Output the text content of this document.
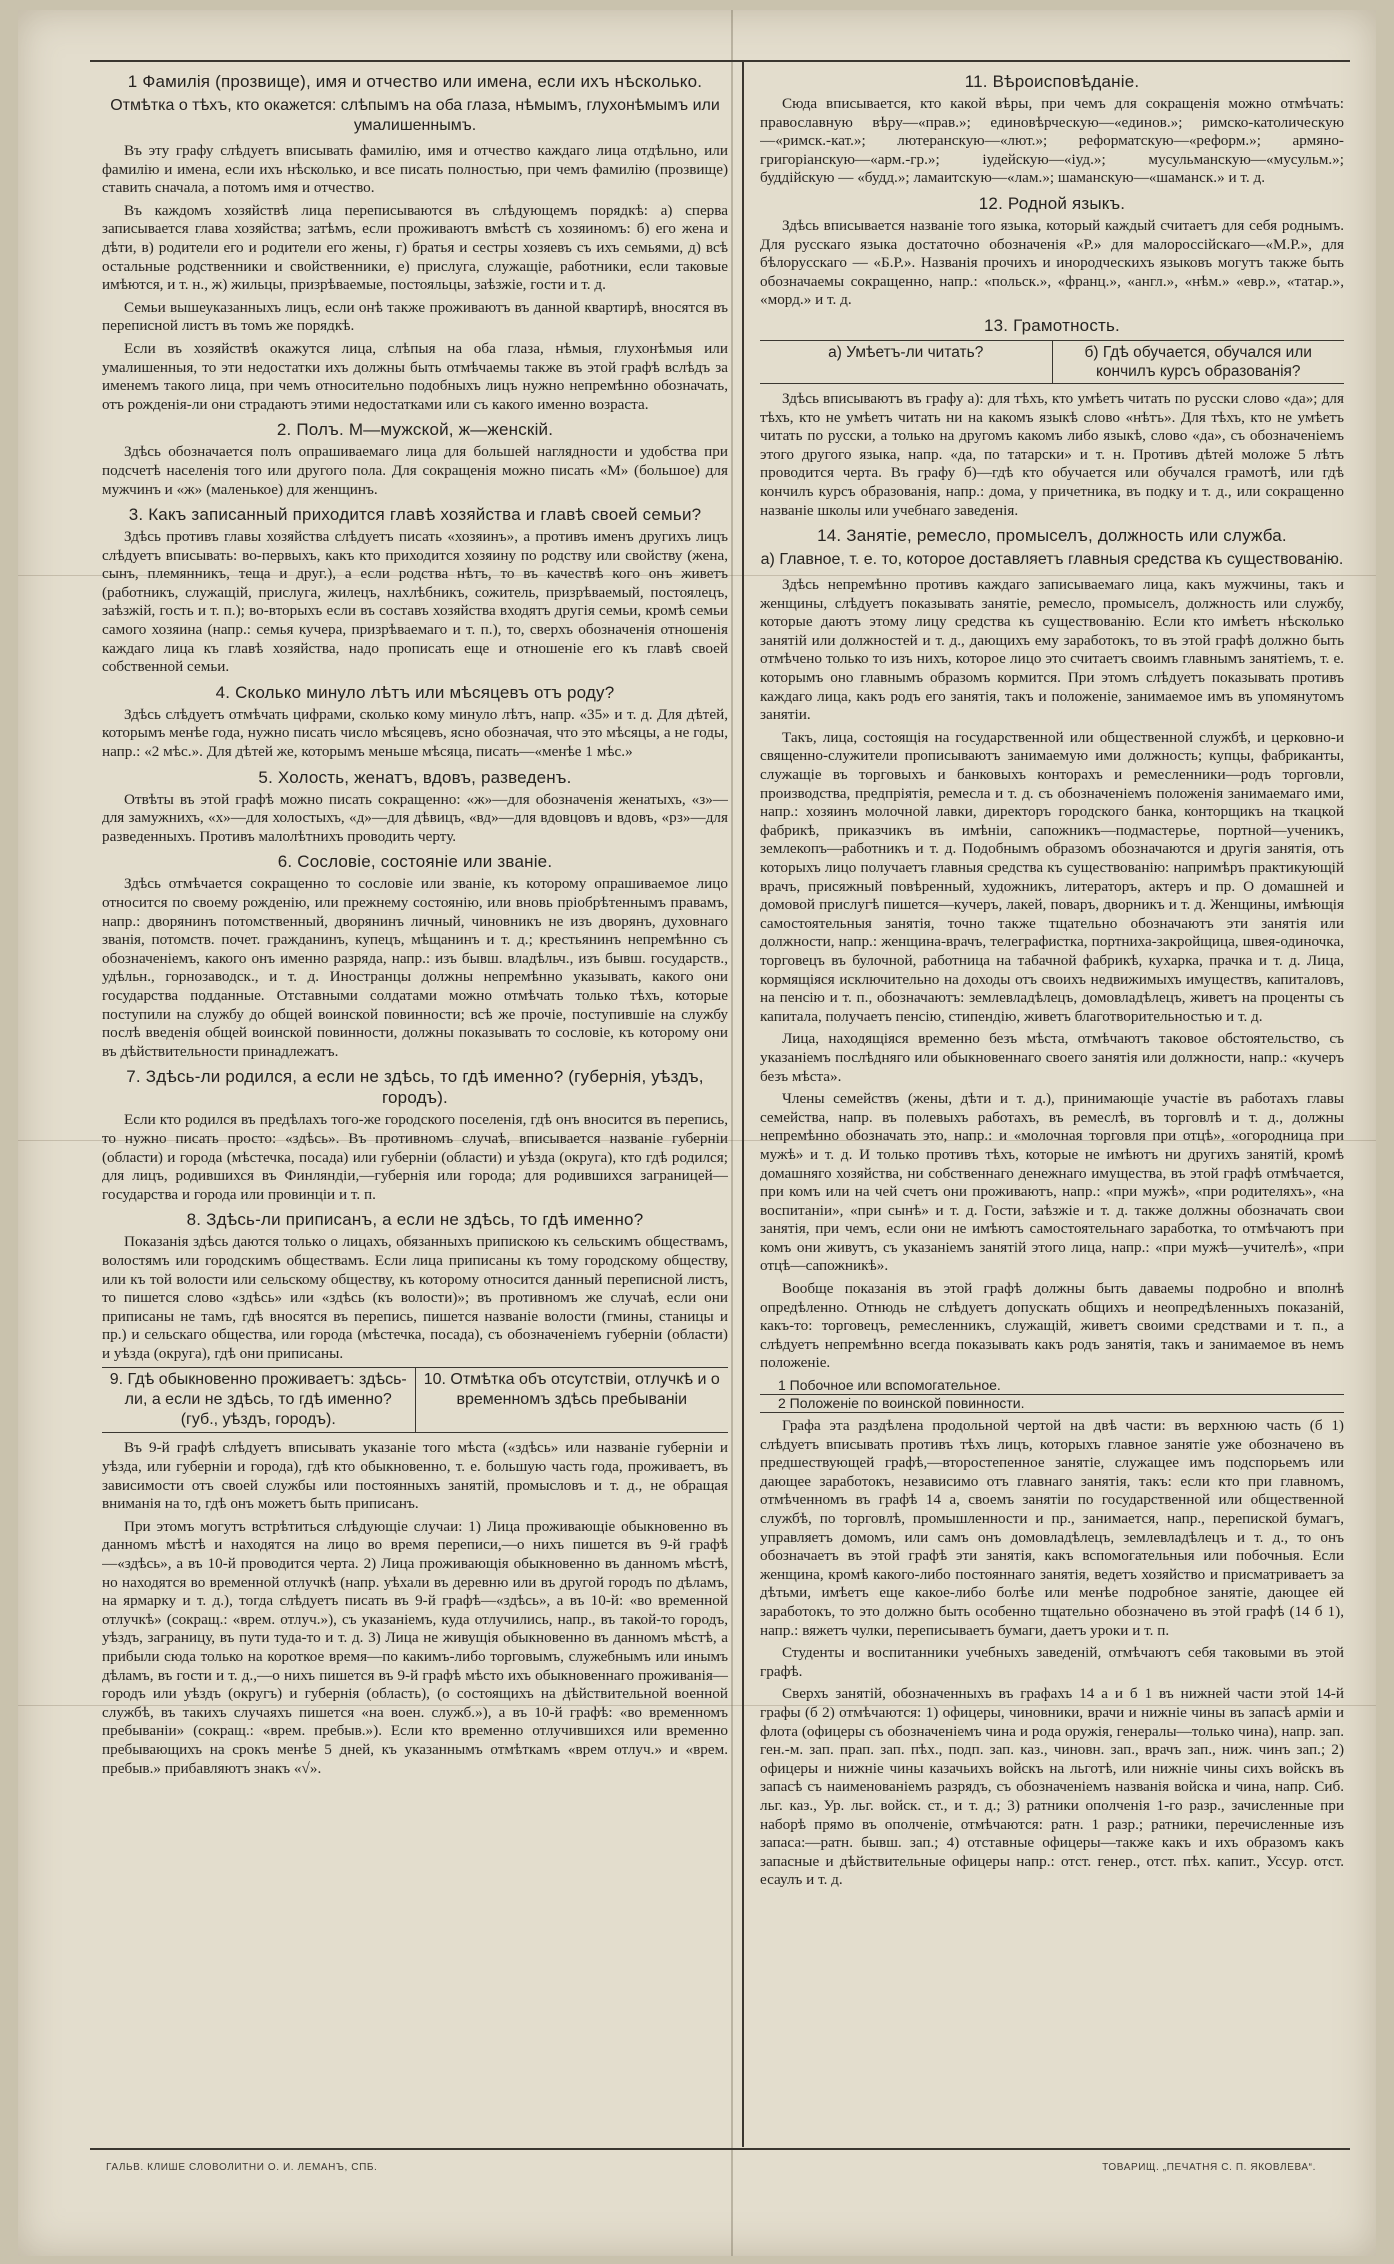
1 Фамилія (прозвище), имя и отчество или имена, если ихъ нѣсколько.
Отмѣтка о тѣхъ, кто окажется: слѣпымъ на оба глаза, нѣмымъ, глухонѣмымъ или умалишеннымъ.

Въ эту графу слѣдуетъ вписывать фамилію, имя и отчество каждаго лица отдѣльно, или фамилію и имена, если ихъ нѣсколько, и все писать полностью, при чемъ фамилію (прозвище) ставить сначала, а потомъ имя и отчество.

Въ каждомъ хозяйствѣ лица переписываются въ слѣдующемъ порядкѣ: а) сперва записывается глава хозяйства; затѣмъ, если проживаютъ вмѣстѣ съ хозяиномъ: б) его жена и дѣти, в) родители его и родители его жены, г) братья и сестры хозяевъ съ ихъ семьями, д) всѣ остальные родственники и свойственники, е) прислуга, служащіе, работники, если таковые имѣются, и т. н., ж) жильцы, призрѣваемые, постояльцы, заѣзжіе, гости и т. д.

Семьи вышеуказанныхъ лицъ, если онѣ также проживаютъ въ данной квартирѣ, вносятся въ переписной листъ въ томъ же порядкѣ.

Если въ хозяйствѣ окажутся лица, слѣпыя на оба глаза, нѣмыя, глухонѣмыя или умалишенныя, то эти недостатки ихъ должны быть отмѣчаемы также въ этой графѣ вслѣдъ за именемъ такого лица, при чемъ относительно подобныхъ лицъ нужно непремѣнно обозначать, отъ рожденія-ли они страдаютъ этими недостатками или съ какого именно возраста.

2. Полъ. М—мужской, ж—женскій.

Здѣсь обозначается полъ опрашиваемаго лица для большей наглядности и удобства при подсчетѣ населенія того или другого пола. Для сокращенія можно писать «М» (большое) для мужчинъ и «ж» (маленькое) для женщинъ.

3. Какъ записанный приходится главѣ хозяйства и главѣ своей семьи?

Здѣсь противъ главы хозяйства слѣдуетъ писать «хозяинъ», а противъ именъ другихъ лицъ слѣдуетъ вписывать: во-первыхъ, какъ кто приходится хозяину по родству или свойству (жена, сынъ, племянникъ, теща и друг.), а если родства нѣтъ, то въ качествѣ кого онъ живетъ (работникъ, служащій, прислуга, жилецъ, нахлѣбникъ, сожитель, призрѣваемый, постоялецъ, заѣзжій, гость и т. п.); во-вторыхъ если въ составъ хозяйства входятъ другія семьи, кромѣ семьи самого хозяина (напр.: семья кучера, призрѣваемаго и т. п.), то, сверхъ обозначенія отношенія каждаго лица къ главѣ хозяйства, надо прописать еще и отношеніе его къ главѣ своей собственной семьи.

4. Сколько минуло лѣтъ или мѣсяцевъ отъ роду?

Здѣсь слѣдуетъ отмѣчать цифрами, сколько кому минуло лѣтъ, напр. «35» и т. д. Для дѣтей, которымъ менѣе года, нужно писать число мѣсяцевъ, ясно обозначая, что это мѣсяцы, а не годы, напр.: «2 мѣс.». Для дѣтей же, которымъ меньше мѣсяца, писать—«менѣе 1 мѣс.»

5. Холость, женатъ, вдовъ, разведенъ.

Отвѣты въ этой графѣ можно писать сокращенно: «ж»—для обозначенія женатыхъ, «з»—для замужнихъ, «х»—для холостыхъ, «д»—для дѣвицъ, «вд»—для вдовцовъ и вдовъ, «рз»—для разведенныхъ. Противъ малолѣтнихъ проводить черту.

6. Сословіе, состояніе или званіе.

Здѣсь отмѣчается сокращенно то сословіе или званіе, къ которому опрашиваемое лицо относится по своему рожденію, или прежнему состоянію, или вновь пріобрѣтеннымъ правамъ, напр.: дворянинъ потомственный, дворянинъ личный, чиновникъ не изъ дворянъ, духовнаго званія, потомств. почет. гражданинъ, купецъ, мѣщанинъ и т. д.; крестьянинъ непремѣнно съ обозначеніемъ, какого онъ именно разряда, напр.: изъ бывш. владѣльч., изъ бывш. государств., удѣльн., горнозаводск., и т. д. Иностранцы должны непремѣнно указывать, какого они государства подданные. Отставными солдатами можно отмѣчать только тѣхъ, которые поступили на службу до общей воинской повинности; всѣ же прочіе, поступившіе на службу послѣ введенія общей воинской повинности, должны показывать то сословіе, къ которому они въ дѣйствительности принадлежатъ.

7. Здѣсь-ли родился, а если не здѣсь, то гдѣ именно? (губернія, уѣздъ, городъ).

Если кто родился въ предѣлахъ того-же городского поселенія, гдѣ онъ вносится въ перепись, то нужно писать просто: «здѣсь». Въ противномъ случаѣ, вписывается названіе губерніи (области) и города (мѣстечка, посада) или губерніи (области) и уѣзда (округа), кто гдѣ родился; для лицъ, родившихся въ Финляндіи,—губернія или города; для родившихся заграницей—государства и города или провинціи и т. п.

8. Здѣсь-ли приписанъ, а если не здѣсь, то гдѣ именно?

Показанія здѣсь даются только о лицахъ, обязанныхъ припискою къ сельскимъ обществамъ, волостямъ или городскимъ обществамъ. Если лица приписаны къ тому городскому обществу, или къ той волости или сельскому обществу, къ которому относится данный переписной листъ, то пишется слово «здѣсь» или «здѣсь (къ волости)»; въ противномъ же случаѣ, если они приписаны не тамъ, гдѣ вносятся въ перепись, пишется названіе волости (гмины, станицы и пр.) и сельскаго общества, или города (мѣстечка, посада), съ обозначеніемъ губерніи (области) и уѣзда (округа), гдѣ они приписаны.

9. Гдѣ обыкновенно проживаетъ: здѣсь-ли, а если не здѣсь, то гдѣ именно? (губ., уѣздъ, городъ).
10. Отмѣтка объ отсутствіи, отлучкѣ и о временномъ здѣсь пребываніи

Въ 9-й графѣ слѣдуетъ вписывать указаніе того мѣста («здѣсь» или названіе губерніи и уѣзда, или губерніи и города), гдѣ кто обыкновенно, т. е. большую часть года, проживаетъ, въ зависимости отъ своей службы или постоянныхъ занятій, промысловъ и т. д., не обращая вниманія на то, гдѣ онъ можетъ быть приписанъ.

При этомъ могутъ встрѣтиться слѣдующіе случаи: 1) Лица проживающіе обыкновенно въ данномъ мѣстѣ и находятся на лицо во время переписи,—о нихъ пишется въ 9-й графѣ—«здѣсь», а въ 10-й проводится черта. 2) Лица проживающія обыкновенно въ данномъ мѣстѣ, но находятся во временной отлучкѣ (напр. уѣхали въ деревню или въ другой городъ по дѣламъ, на ярмарку и т. д.), тогда слѣдуетъ писать въ 9-й графѣ—«здѣсь», а въ 10-й: «во временной отлучкѣ» (сокращ.: «врем. отлуч.»), съ указаніемъ, куда отлучились, напр., въ такой-то городъ, уѣздъ, заграницу, въ пути туда-то и т. д. 3) Лица не живущія обыкновенно въ данномъ мѣстѣ, а прибыли сюда только на короткое время—по какимъ-либо торговымъ, служебнымъ или инымъ дѣламъ, въ гости и т. д.,—о нихъ пишется въ 9-й графѣ мѣсто ихъ обыкновеннаго проживанія—городъ или уѣздъ (округъ) и губернія (область), (о состоящихъ на дѣйствительной военной службѣ, въ такихъ случаяхъ пишется «на воен. служб.»), а въ 10-й графѣ: «во временномъ пребываніи» (сокращ.: «врем. пребыв.»). Если кто временно отлучившихся или временно пребывающихъ на срокъ менѣе 5 дней, къ указаннымъ отмѣткамъ «врем отлуч.» и «врем. пребыв.» прибавляютъ знакъ «√».

11. Вѣроисповѣданіе.

Сюда вписывается, кто какой вѣры, при чемъ для сокращенія можно отмѣчать: православную вѣру—«прав.»; единовѣрческую—«единов.»; римско-католическую—«римск.-кат.»; лютеранскую—«лют.»; реформатскую—«реформ.»; армяно-григоріанскую—«арм.-гр.»; іудейскую—«іуд.»; мусульманскую—«мусульм.»; буддійскую — «будд.»; ламаитскую—«лам.»; шаманскую—«шаманск.» и т. д.

12. Родной языкъ.

Здѣсь вписывается названіе того языка, который каждый считаетъ для себя роднымъ. Для русскаго языка достаточно обозначенія «Р.» для малороссійскаго—«М.Р.», для бѣлорусскаго — «Б.Р.». Названія прочихъ и инородческихъ языковъ могутъ также быть обозначаемы сокращенно, напр.: «польск.», «франц.», «англ.», «нѣм.» «евр.», «татар.», «морд.» и т. д.

13. Грамотность.
а) Умѣетъ-ли читать?	б) Гдѣ обучается, обучался или кончилъ курсъ образованія?

Здѣсь вписываютъ въ графу а): для тѣхъ, кто умѣетъ читать по русски слово «да»; для тѣхъ, кто не умѣетъ читать ни на какомъ языкѣ слово «нѣтъ». Для тѣхъ, кто не умѣетъ читать по русски, а только на другомъ какомъ либо языкѣ, слово «да», съ обозначеніемъ этого другого языка, напр. «да, по татарски» и т. н. Противъ дѣтей моложе 5 лѣтъ проводится черта. Въ графу б)—гдѣ кто обучается или обучался грамотѣ, или гдѣ кончилъ курсъ образованія, напр.: дома, у причетника, въ подку и т. д., или сокращенно названіе школы или учебнаго заведенія.

14. Занятіе, ремесло, промыселъ, должность или служба.
а) Главное, т. е. то, которое доставляетъ главныя средства къ существованію.

Здѣсь непремѣнно противъ каждаго записываемаго лица, какъ мужчины, такъ и женщины, слѣдуетъ показывать занятіе, ремесло, промыселъ, должность или службу, которые даютъ этому лицу средства къ существованію. Если кто имѣетъ нѣсколько занятій или должностей и т. д., дающихъ ему заработокъ, то въ этой графѣ должно быть отмѣчено только то изъ нихъ, которое лицо это считаетъ своимъ главнымъ занятіемъ, т. е. которымъ оно главнымъ образомъ кормится. При этомъ слѣдуетъ показывать противъ каждаго лица, какъ родъ его занятія, такъ и положеніе, занимаемое имъ въ упомянутомъ занятіи.

Такъ, лица, состоящія на государственной или общественной службѣ, и церковно-и священно-служители прописываютъ занимаемую ими должность; купцы, фабриканты, служащіе въ торговыхъ и банковыхъ конторахъ и ремесленники—родъ торговли, производства, предпріятія, ремесла и т. д. съ обозначеніемъ положенія занимаемаго ими, напр.: хозяинъ молочной лавки, директоръ городского банка, конторщикъ на ткацкой фабрикѣ, приказчикъ въ имѣніи, сапожникъ—подмастерье, портной—ученикъ, землекопъ—работникъ и т. д. Подобнымъ образомъ обозначаются и другія занятія, отъ которыхъ лицо получаетъ главныя средства къ существованію: напримѣръ практикующій врачъ, присяжный повѣренный, художникъ, литераторъ, актеръ и пр. О домашней и домовой прислугѣ пишется—кучеръ, лакей, поваръ, дворникъ и т. д. Женщины, имѣющія самостоятельныя занятія, точно также тщательно обозначаютъ эти занятія или должности, напр.: женщина-врачъ, телеграфистка, портниха-закройщица, швея-одиночка, торговецъ въ булочной, работница на табачной фабрикѣ, кухарка, прачка и т. д. Лица, кормящіяся исключительно на доходы отъ своихъ недвижимыхъ имуществъ, капиталовъ, на пенсію и т. п., обозначаютъ: землевладѣлецъ, домовладѣлецъ, живетъ на проценты съ капитала, получаетъ пенсію, стипендію, живетъ благотворительностью и т. д.

Лица, находящіяся временно безъ мѣста, отмѣчаютъ таковое обстоятельство, съ указаніемъ послѣдняго или обыкновеннаго своего занятія или должности, напр.: «кучеръ безъ мѣста».

Члены семействъ (жены, дѣти и т. д.), принимающіе участіе въ работахъ главы семейства, напр. въ полевыхъ работахъ, въ ремеслѣ, въ торговлѣ и т. д., должны непремѣнно обозначать это, напр.: и «молочная торговля при отцѣ», «огородница при мужѣ» и т. д. И только противъ тѣхъ, которые не имѣютъ ни другихъ занятій, кромѣ домашняго хозяйства, ни собственнаго денежнаго имущества, въ этой графѣ отмѣчается, при комъ или на чей счетъ они проживаютъ, напр.: «при мужѣ», «при родителяхъ», «на воспитаніи», «при сынѣ» и т. д. Гости, заѣзжіе и т. д. также должны обозначать свои занятія, при чемъ, если они не имѣютъ самостоятельнаго заработка, то отмѣчаютъ при комъ они живутъ, съ указаніемъ занятій этого лица, напр.: «при мужѣ—учителѣ», «при отцѣ—сапожникѣ».

Вообще показанія въ этой графѣ должны быть даваемы подробно и вполнѣ опредѣленно. Отнюдь не слѣдуетъ допускать общихъ и неопредѣленныхъ показаній, какъ-то: торговецъ, ремесленникъ, служащій, живетъ своими средствами и т. п., а слѣдуетъ непремѣнно всегда показывать какъ родъ занятія, такъ и занимаемое въ немъ положеніе.

1 Побочное или вспомогательное.
2 Положеніе по воинской повинности.

Графа эта раздѣлена продольной чертой на двѣ части: въ верхнюю часть (б 1) слѣдуетъ вписывать противъ тѣхъ лицъ, которыхъ главное занятіе уже обозначено въ предшествующей графѣ,—второстепенное занятіе, служащее имъ подспорьемъ или дающее заработокъ, независимо отъ главнаго занятія, такъ: если кто при главномъ, отмѣченномъ въ графѣ 14 а, своемъ занятіи по государственной или общественной службѣ, по торговлѣ, промышленности и пр., занимается, напр., перепиской бумагъ, управляетъ домомъ, или самъ онъ домовладѣлецъ, землевладѣлецъ и т. д., то онъ обозначаетъ въ этой графѣ эти занятія, какъ вспомогательныя или побочныя. Если женщина, кромѣ какого-либо постояннаго занятія, ведетъ хозяйство и присматриваетъ за дѣтьми, имѣетъ еще какое-либо болѣе или менѣе подробное занятіе, дающее ей заработокъ, то это должно быть особенно тщательно обозначено въ этой графѣ (14 б 1), напр.: вяжетъ чулки, переписываетъ бумаги, даетъ уроки и т. п.

Студенты и воспитанники учебныхъ заведеній, отмѣчаютъ себя таковыми въ этой графѣ.

Сверхъ занятій, обозначенныхъ въ графахъ 14 а и б 1 въ нижней части этой 14-й графы (б 2) отмѣчаются: 1) офицеры, чиновники, врачи и нижніе чины въ запасѣ арміи и флота (офицеры съ обозначеніемъ чина и рода оружія, генералы—только чина), напр. зап. ген.-м. зап. прап. зап. пѣх., подп. зап. каз., чиновн. зап., врачъ зап., ниж. чинъ зап.; 2) офицеры и нижніе чины казачьихъ войскъ на льготѣ, или нижніе чины сихъ войскъ въ запасѣ съ наименованіемъ разрядъ, съ обозначеніемъ названія войска и чина, напр. Сиб. льг. каз., Ур. льг. войск. ст., и т. д.; 3) ратники ополченія 1-го разр., зачисленные при наборѣ прямо въ ополченіе, отмѣчаются: ратн. 1 разр.; ратники, перечисленные изъ запаса:—ратн. бывш. зап.; 4) отставные офицеры—также какъ и ихъ образомъ какъ запасные и дѣйствительные офицеры напр.: отст. генер., отст. пѣх. капит., Уссур. отст. есаулъ и т. д.

ГАЛЬВ. КЛИШЕ СЛОВОЛИТНИ О. И. ЛЕМАНЪ, СПБ.	ТОВАРИЩ. „ПЕЧАТНЯ С. П. ЯКОВЛЕВА“.
